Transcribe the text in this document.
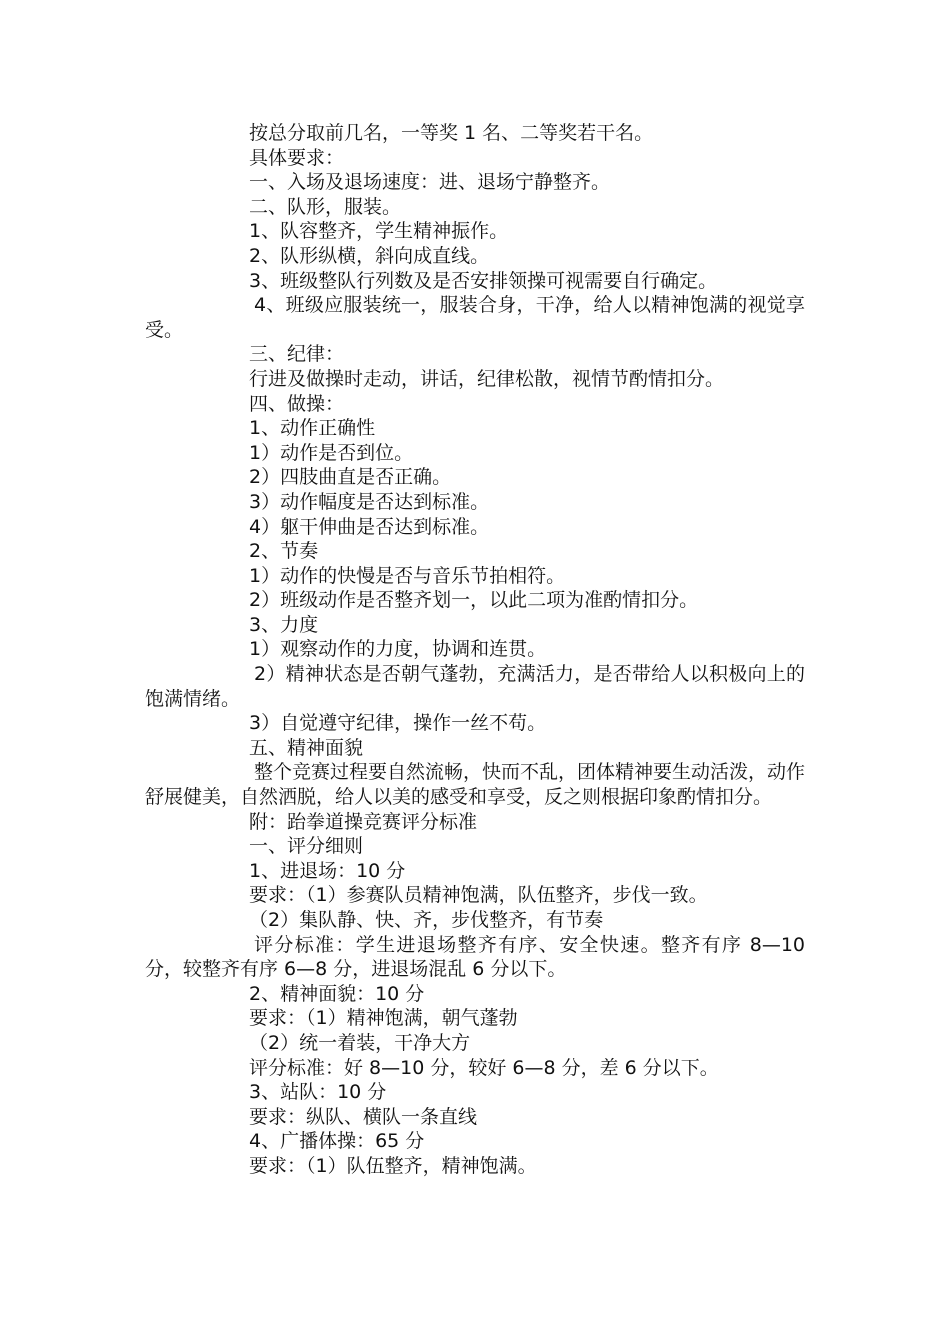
按总分取前几名，一等奖 1 名、二等奖若干名。

具体要求：

一、入场及退场速度：进、退场宁静整齐。

二、队形，服装。

1、队容整齐，学生精神振作。

2、队形纵横，斜向成直线。

3、班级整队行列数及是否安排领操可视需要自行确定。

4、班级应服装统一，服装合身，干净，给人以精神饱满的视觉享受。

三、纪律：

行进及做操时走动，讲话，纪律松散，视情节酌情扣分。

四、做操：

1、动作正确性

1）动作是否到位。

2）四肢曲直是否正确。

3）动作幅度是否达到标准。

4）躯干伸曲是否达到标准。

2、节奏

1）动作的快慢是否与音乐节拍相符。

2）班级动作是否整齐划一，以此二项为准酌情扣分。

3、力度

1）观察动作的力度，协调和连贯。

2）精神状态是否朝气蓬勃，充满活力，是否带给人以积极向上的饱满情绪。

3）自觉遵守纪律，操作一丝不苟。

五、精神面貌

整个竞赛过程要自然流畅，快而不乱，团体精神要生动活泼，动作舒展健美，自然洒脱，给人以美的感受和享受，反之则根据印象酌情扣分。

附：跆拳道操竞赛评分标准

一、评分细则

1、进退场：10 分

要求：（1）参赛队员精神饱满，队伍整齐，步伐一致。

（2）集队静、快、齐，步伐整齐，有节奏

评分标准：学生进退场整齐有序、安全快速。整齐有序 8—10 分，较整齐有序 6—8 分，进退场混乱 6 分以下。

2、精神面貌：10 分

要求：（1）精神饱满，朝气蓬勃

（2）统一着装，干净大方

评分标准：好 8—10 分，较好 6—8 分，差 6 分以下。

3、站队：10 分

要求：纵队、横队一条直线

4、广播体操：65 分

要求：（1）队伍整齐，精神饱满。
